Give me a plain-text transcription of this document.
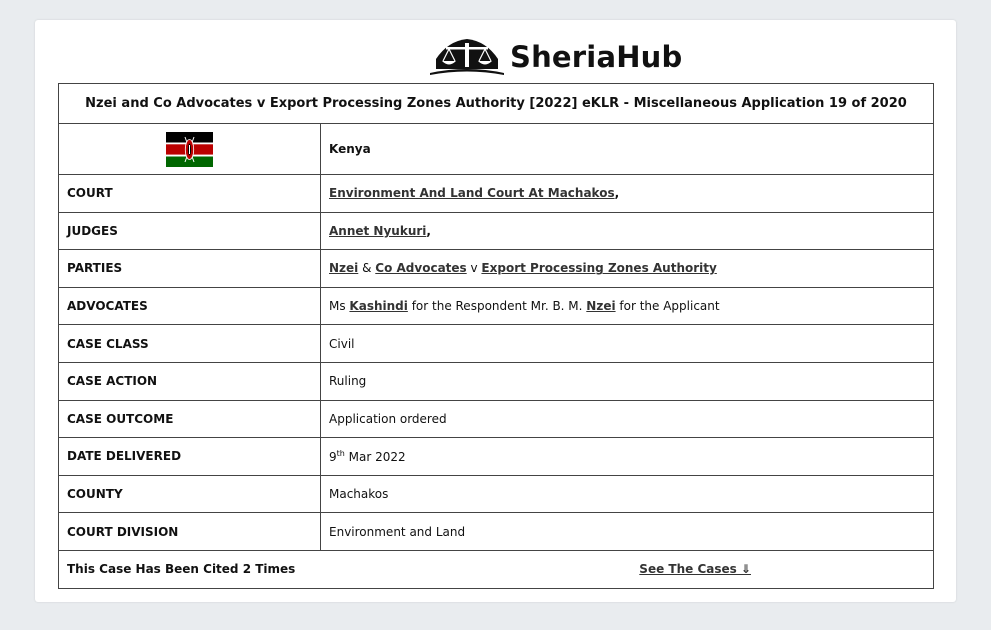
SheriaHub
Nzei and Co Advocates v Export Processing Zones Authority [2022] eKLR - Miscellaneous Application 19 of 2020	
	Kenya
COURT	Environment And Land Court At Machakos,
JUDGES	Annet Nyukuri,
PARTIES	Nzei & Co Advocates v Export Processing Zones Authority
ADVOCATES	Ms Kashindi for the Respondent Mr. B. M. Nzei for the Applicant
CASE CLASS	Civil
CASE ACTION	Ruling
CASE OUTCOME	Application ordered
DATE DELIVERED	9th Mar 2022
COUNTY	Machakos
COURT DIVISION	Environment and Land

This Case Has Been Cited 2 Times See The Cases ⇓	
